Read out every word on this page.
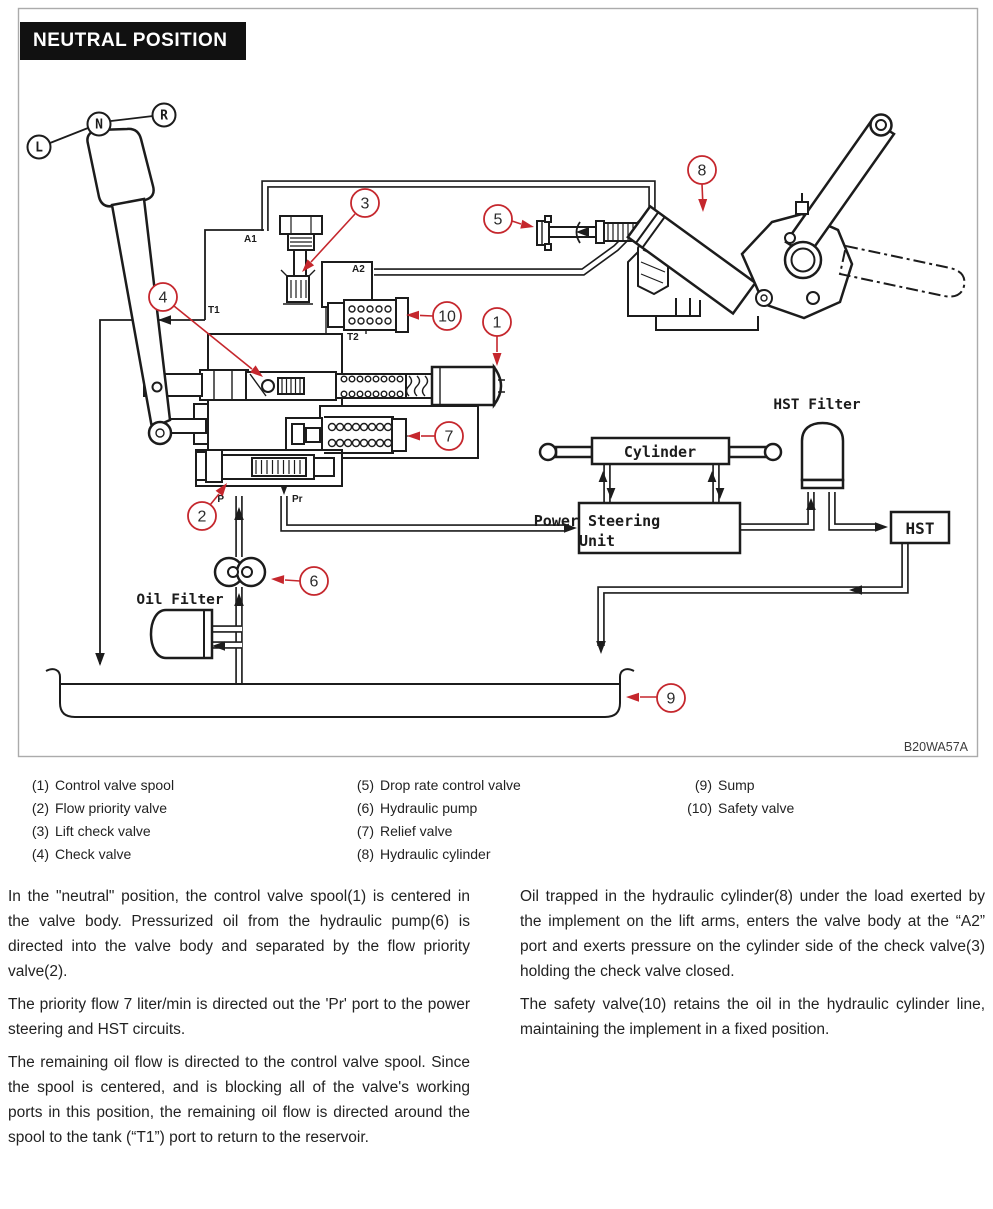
Cylinder
Power Steering
Unit
HST
HST Filter
Oil Filter
A1
A2
T1
T2
P	Pr
L
N
R
1
2
3
4
5
6
7
8
9
10
NEUTRAL POSITION
B20WA57A
(1) Control valve spool
(2) Flow priority valve
(3) Lift check valve
(4) Check valve
(5) Drop rate control valve
(6) Hydraulic pump
(7) Relief valve
(8) Hydraulic cylinder
(9) Sump
(10) Safety valve

In the "neutral" position, the control valve spool(1) is centered in the valve body. Pressurized oil from the hydraulic pump(6) is directed into the valve body and separated by the flow priority valve(2).

The priority flow 7 liter/min is directed out the 'Pr' port to the power steering and HST circuits.

The remaining oil flow is directed to the control valve spool. Since the spool is centered, and is blocking all of the valve's working ports in this position, the remaining oil flow is directed around the spool to the tank (“T1”) port to return to the reservoir.

Oil trapped in the hydraulic cylinder(8) under the load exerted by the implement on the lift arms, enters the valve body at the “A2” port and exerts pressure on the cylinder side of the check valve(3) holding the check valve closed.

The safety valve(10) retains the oil in the hydraulic cylinder line, maintaining the implement in a fixed position.
